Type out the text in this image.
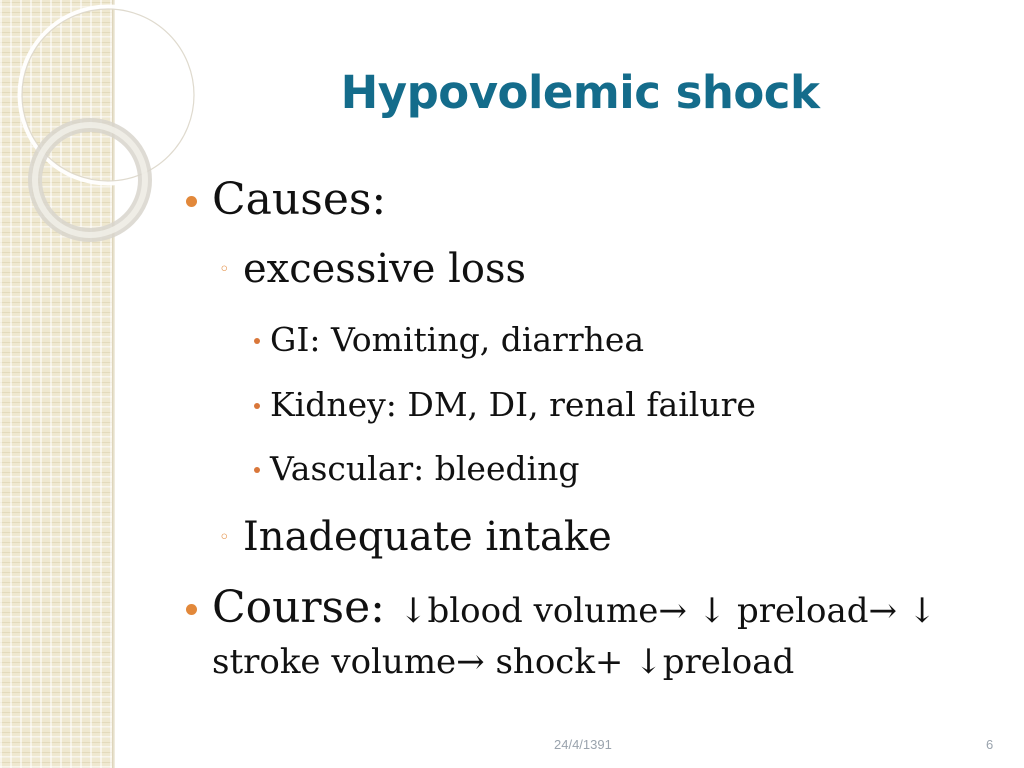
Hypovolemic shock
Causes:
◦ excessive loss
GI: Vomiting, diarrhea
Kidney: DM, DI, renal failure
Vascular: bleeding
◦ Inadequate intake
Course: ↓blood volume→ ↓ preload→ ↓
stroke volume→ shock+ ↓preload
24/4/1391	6
